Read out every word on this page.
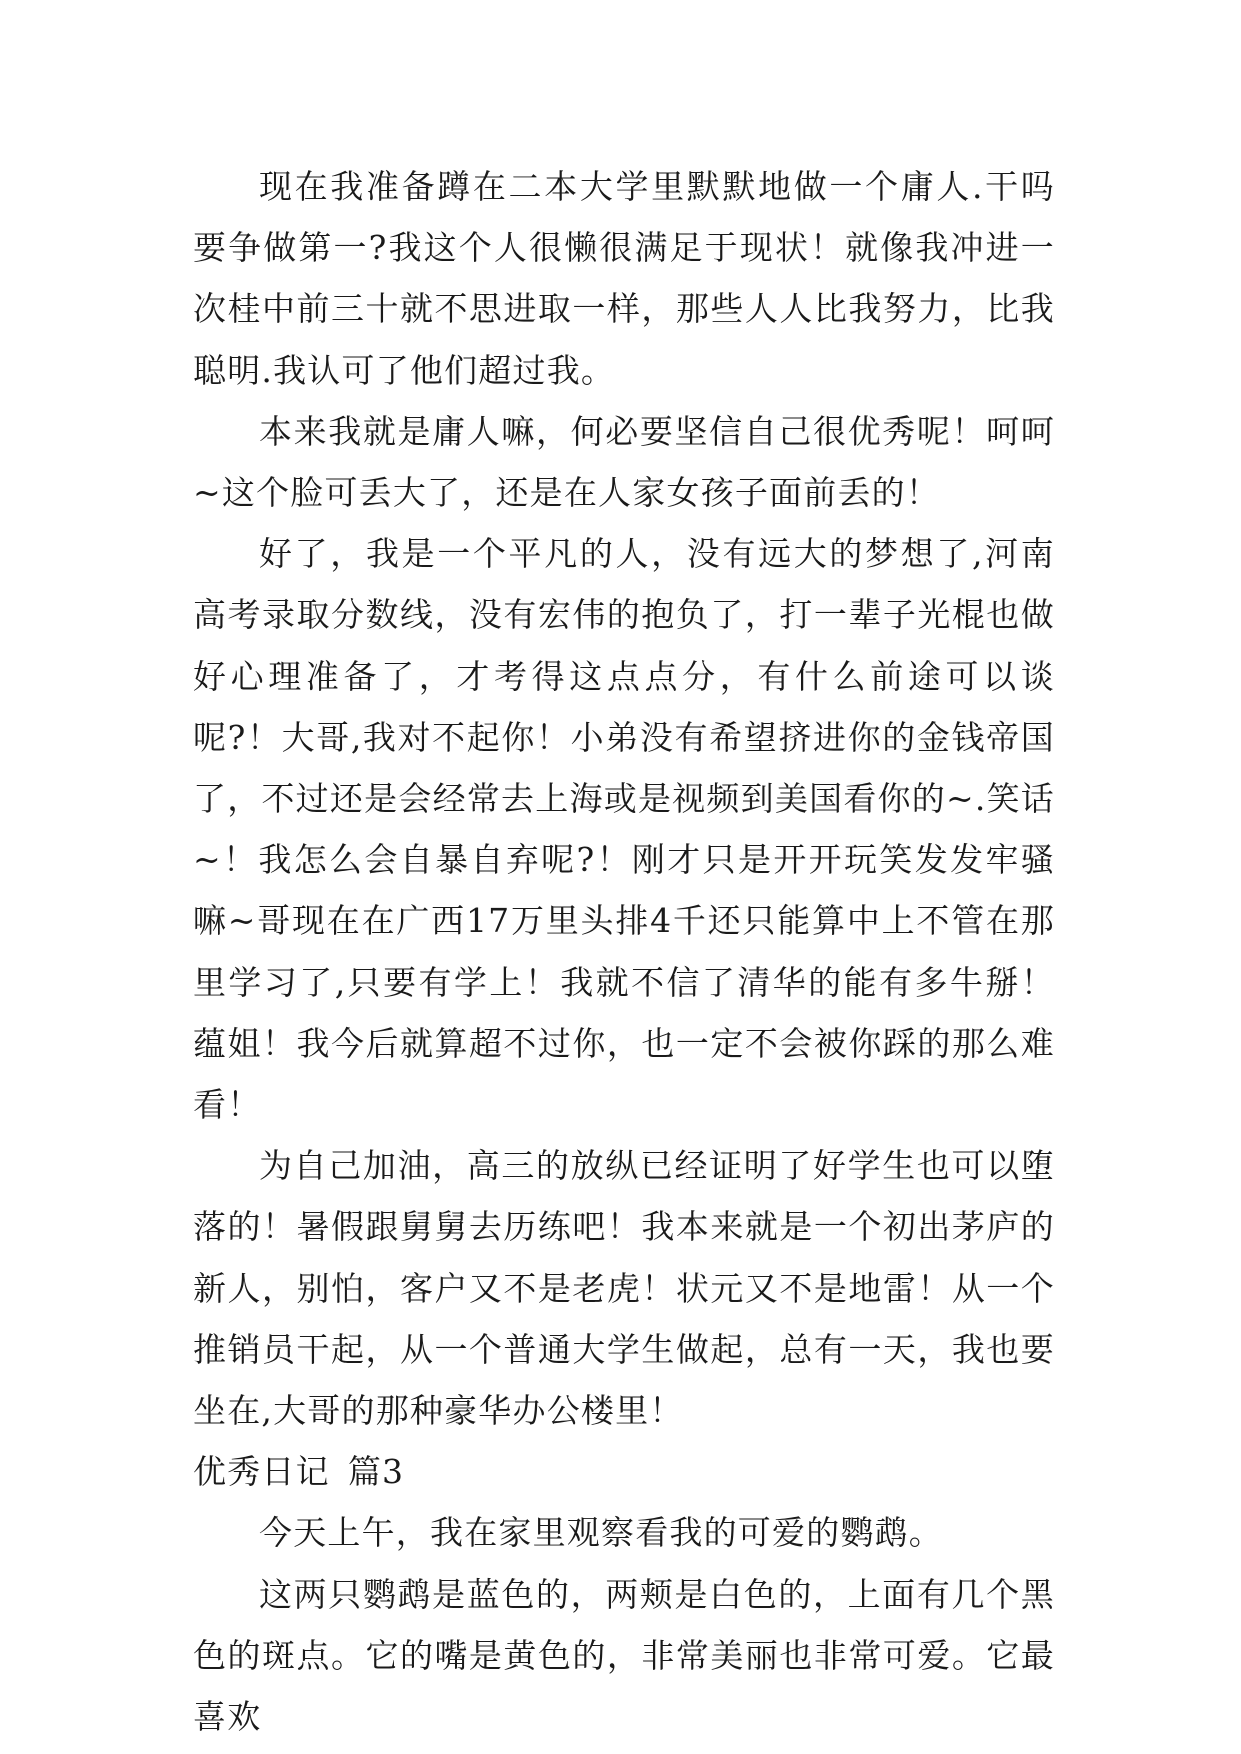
现在我准备蹲在二本大学里默默地做一个庸人.干吗要争做第一?我这个人很懒很满足于现状！就像我冲进一次桂中前三十就不思进取一样，那些人人比我努力，比我聪明.我认可了他们超过我。

本来我就是庸人嘛，何必要坚信自己很优秀呢！呵呵~这个脸可丢大了，还是在人家女孩子面前丢的！

好了，我是一个平凡的人，没有远大的梦想了,河南高考录取分数线，没有宏伟的抱负了，打一辈子光棍也做好心理准备了，才考得这点点分，有什么前途可以谈呢?！大哥,我对不起你！小弟没有希望挤进你的金钱帝国了，不过还是会经常去上海或是视频到美国看你的~.笑话~！我怎么会自暴自弃呢?！刚才只是开开玩笑发发牢骚嘛~哥现在在广西17万里头排4千还只能算中上不管在那里学习了,只要有学上！我就不信了清华的能有多牛掰！蕴姐！我今后就算超不过你，也一定不会被你踩的那么难看！

为自己加油，高三的放纵已经证明了好学生也可以堕落的！暑假跟舅舅去历练吧！我本来就是一个初出茅庐的新人，别怕，客户又不是老虎！状元又不是地雷！从一个推销员干起，从一个普通大学生做起，总有一天，我也要坐在,大哥的那种豪华办公楼里！

优秀日记 篇3

今天上午，我在家里观察看我的可爱的鹦鹉。

这两只鹦鹉是蓝色的，两颊是白色的，上面有几个黑色的斑点。它的嘴是黄色的，非常美丽也非常可爱。它最喜欢
